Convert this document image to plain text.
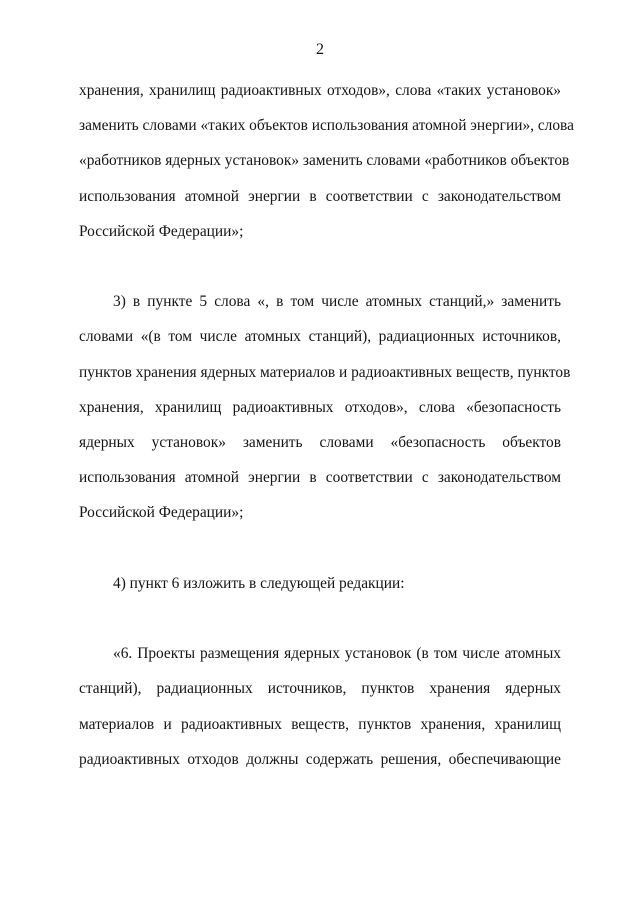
2

хранения, хранилищ радиоактивных отходов», слова «таких установок»
заменить словами «таких объектов использования атомной энергии», слова
«работников ядерных установок» заменить словами «работников объектов
использования атомной энергии в соответствии с законодательством
Российской Федерации»;

3) в пункте 5 слова «, в том числе атомных станций,» заменить
словами «(в том числе атомных станций), радиационных источников,
пунктов хранения ядерных материалов и радиоактивных веществ, пунктов
хранения, хранилищ радиоактивных отходов», слова «безопасность
ядерных установок» заменить словами «безопасность объектов
использования атомной энергии в соответствии с законодательством
Российской Федерации»;

4) пункт 6 изложить в следующей редакции:

«6. Проекты размещения ядерных установок (в том числе атомных
станций), радиационных источников, пунктов хранения ядерных
материалов и радиоактивных веществ, пунктов хранения, хранилищ
радиоактивных отходов должны содержать решения, обеспечивающие
